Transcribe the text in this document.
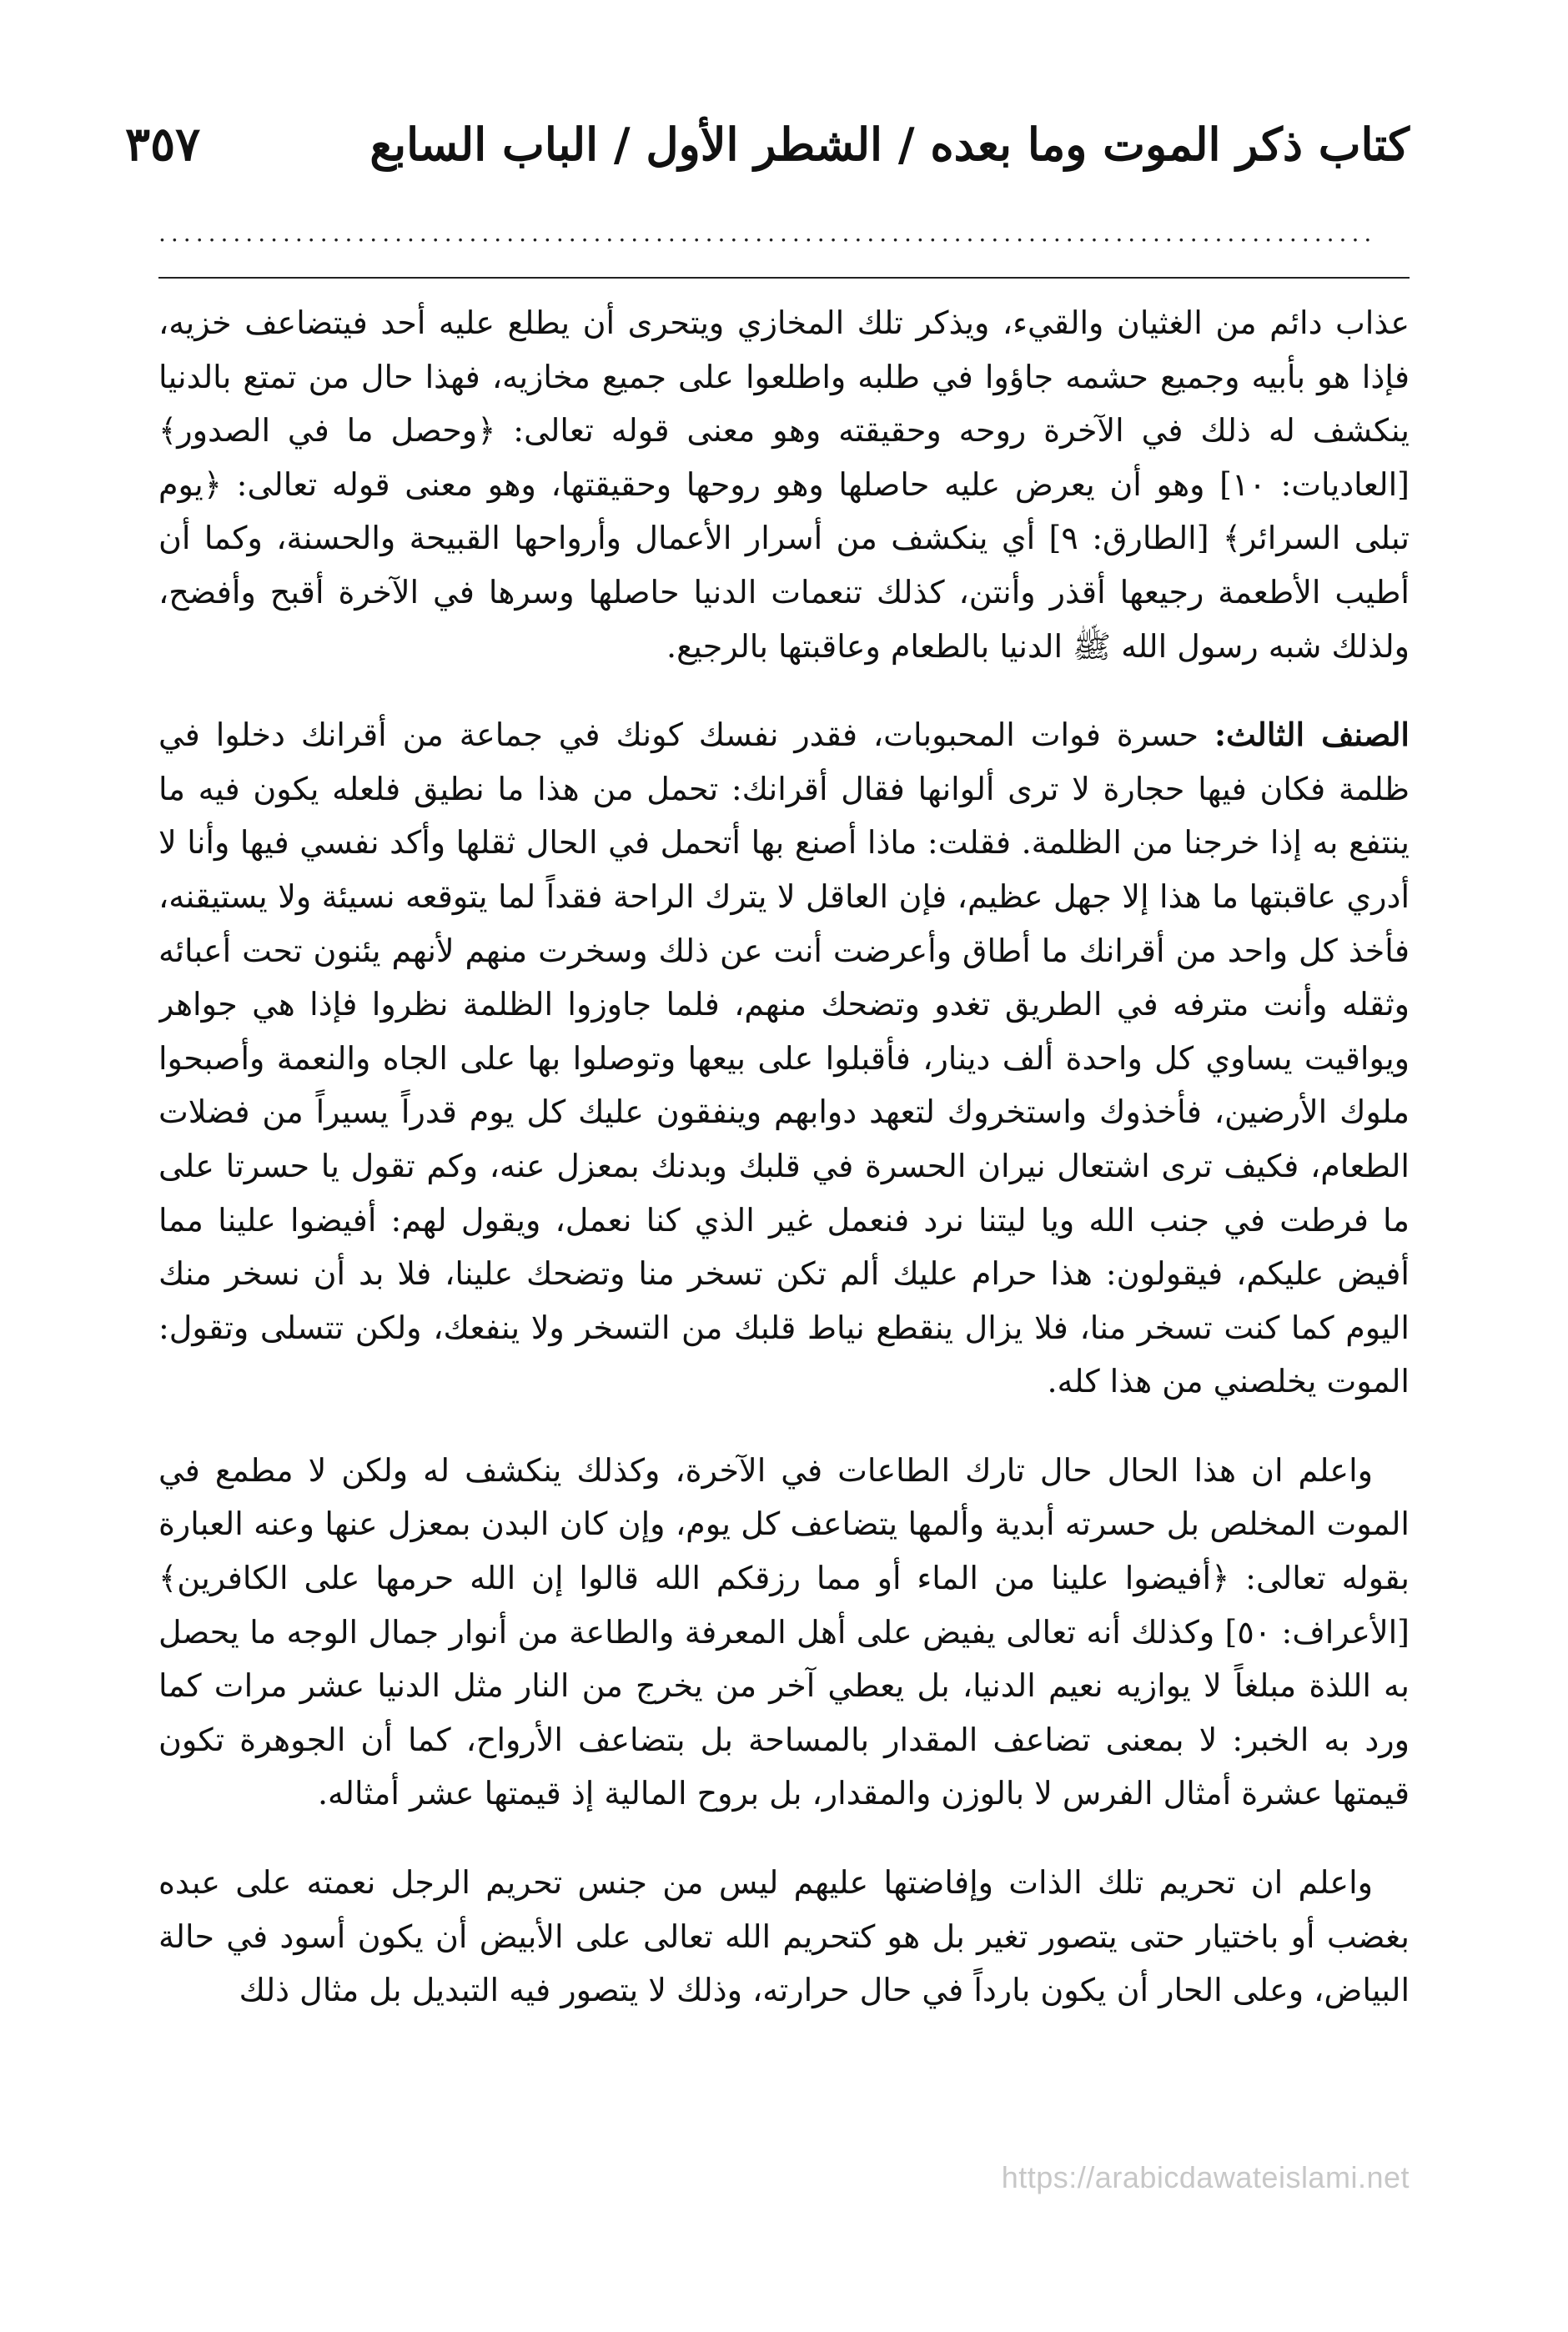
كتاب ذكر الموت وما بعده / الشطر الأول / الباب السابع
٣٥٧
..................................................................................................

عذاب دائم من الغثيان والقيء، ويذكر تلك المخازي ويتحرى أن يطلع عليه أحد فيتضاعف خزيه، فإذا هو بأبيه وجميع حشمه جاؤوا في طلبه واطلعوا على جميع مخازيه، فهذا حال من تمتع بالدنيا ينكشف له ذلك في الآخرة روحه وحقيقته وهو معنى قوله تعالى: ﴿وحصل ما في الصدور﴾ [العاديات: ١٠] وهو أن يعرض عليه حاصلها وهو روحها وحقيقتها، وهو معنى قوله تعالى: ﴿يوم تبلى السرائر﴾ [الطارق: ٩] أي ينكشف من أسرار الأعمال وأرواحها القبيحة والحسنة، وكما أن أطيب الأطعمة رجيعها أقذر وأنتن، كذلك تنعمات الدنيا حاصلها وسرها في الآخرة أقبح وأفضح، ولذلك شبه رسول الله ﷺ الدنيا بالطعام وعاقبتها بالرجيع.

الصنف الثالث: حسرة فوات المحبوبات، فقدر نفسك كونك في جماعة من أقرانك دخلوا في ظلمة فكان فيها حجارة لا ترى ألوانها فقال أقرانك: تحمل من هذا ما نطيق فلعله يكون فيه ما ينتفع به إذا خرجنا من الظلمة. فقلت: ماذا أصنع بها أتحمل في الحال ثقلها وأكد نفسي فيها وأنا لا أدري عاقبتها ما هذا إلا جهل عظيم، فإن العاقل لا يترك الراحة فقداً لما يتوقعه نسيئة ولا يستيقنه، فأخذ كل واحد من أقرانك ما أطاق وأعرضت أنت عن ذلك وسخرت منهم لأنهم يئنون تحت أعبائه وثقله وأنت مترفه في الطريق تغدو وتضحك منهم، فلما جاوزوا الظلمة نظروا فإذا هي جواهر ويواقيت يساوي كل واحدة ألف دينار، فأقبلوا على بيعها وتوصلوا بها على الجاه والنعمة وأصبحوا ملوك الأرضين، فأخذوك واستخروك لتعهد دوابهم وينفقون عليك كل يوم قدراً يسيراً من فضلات الطعام، فكيف ترى اشتعال نيران الحسرة في قلبك وبدنك بمعزل عنه، وكم تقول يا حسرتا على ما فرطت في جنب الله ويا ليتنا نرد فنعمل غير الذي كنا نعمل، ويقول لهم: أفيضوا علينا مما أفيض عليكم، فيقولون: هذا حرام عليك ألم تكن تسخر منا وتضحك علينا، فلا بد أن نسخر منك اليوم كما كنت تسخر منا، فلا يزال ينقطع نياط قلبك من التسخر ولا ينفعك، ولكن تتسلى وتقول: الموت يخلصني من هذا كله.

واعلم ان هذا الحال حال تارك الطاعات في الآخرة، وكذلك ينكشف له ولكن لا مطمع في الموت المخلص بل حسرته أبدية وألمها يتضاعف كل يوم، وإن كان البدن بمعزل عنها وعنه العبارة بقوله تعالى: ﴿أفيضوا علينا من الماء أو مما رزقكم الله قالوا إن الله حرمها على الكافرين﴾ [الأعراف: ٥٠] وكذلك أنه تعالى يفيض على أهل المعرفة والطاعة من أنوار جمال الوجه ما يحصل به اللذة مبلغاً لا يوازيه نعيم الدنيا، بل يعطي آخر من يخرج من النار مثل الدنيا عشر مرات كما ورد به الخبر: لا بمعنى تضاعف المقدار بالمساحة بل بتضاعف الأرواح، كما أن الجوهرة تكون قيمتها عشرة أمثال الفرس لا بالوزن والمقدار، بل بروح المالية إذ قيمتها عشر أمثاله.

واعلم ان تحريم تلك الذات وإفاضتها عليهم ليس من جنس تحريم الرجل نعمته على عبده بغضب أو باختيار حتى يتصور تغير بل هو كتحريم الله تعالى على الأبيض أن يكون أسود في حالة البياض، وعلى الحار أن يكون بارداً في حال حرارته، وذلك لا يتصور فيه التبديل بل مثال ذلك

https://arabicdawateislami.net
